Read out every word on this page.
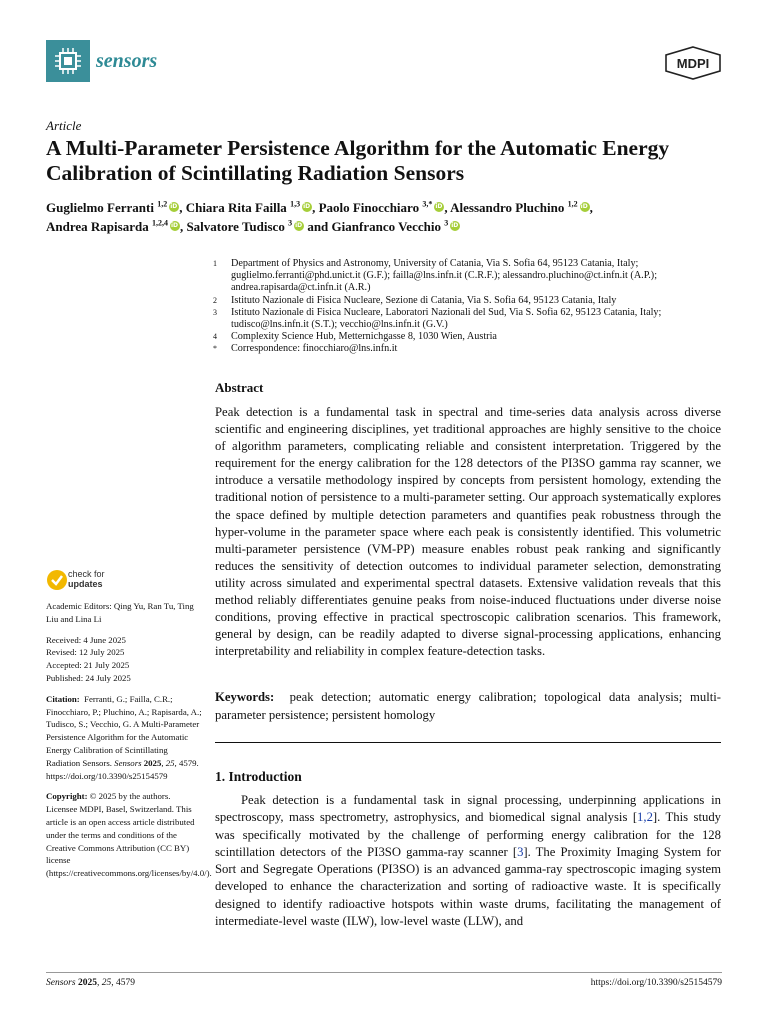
sensors	MDPI
Article
A Multi-Parameter Persistence Algorithm for the Automatic Energy Calibration of Scintillating Radiation Sensors
Guglielmo Ferranti $^{1,2}$ iD , Chiara Rita Failla $^{1,3}$ iD , Paolo Finocchiaro $^{3,*}$ iD , Alessandro Pluchino $^{1,2}$ iD ,
Andrea Rapisarda $^{1,2,4}$ iD , Salvatore Tudisco $^3$iD and Gianfranco Vecchio $^3$iD
1	Department of Physics and Astronomy, University of Catania, Via S. Sofia 64, 95123 Catania, Italy; guglielmo.ferranti@phd.unict.it (G.F.); failla@lns.infn.it (C.R.F.); alessandro.pluchino@ct.infn.it (A.P.); andrea.rapisarda@ct.infn.it (A.R.)
2	Istituto Nazionale di Fisica Nucleare, Sezione di Catania, Via S. Sofia 64, 95123 Catania, Italy
3	Istituto Nazionale di Fisica Nucleare, Laboratori Nazionali del Sud, Via S. Sofia 62, 95123 Catania, Italy; tudisco@lns.infn.it (S.T.); vecchio@lns.infn.it (G.V.)
4	Complexity Science Hub, Metternichgasse 8, 1030 Wien, Austria
*	Correspondence: finocchiaro@lns.infn.it
Abstract
Peak detection is a fundamental task in spectral and time-series data analysis across diverse scientific and engineering disciplines, yet traditional approaches are highly sensitive to the choice of algorithm parameters, complicating reliable and consistent interpretation. Triggered by the requirement for the energy calibration for the 128 detectors of the PI3SO gamma ray scanner, we introduce a versatile methodology inspired by concepts from persistent homology, extending the traditional notion of persistence to a multi-parameter setting. Our approach systematically explores the space defined by multiple detection parameters and quantifies peak robustness through the hyper-volume in the parameter space where each peak is consistently identified. This volumetric multi-parameter persistence (VM-PP) measure enables robust peak ranking and significantly reduces the sensitivity of detection outcomes to individual parameter selection, demonstrating utility across simulated and experimental spectral datasets. Extensive validation reveals that this method reliably differentiates genuine peaks from noise-induced fluctuations under diverse noise conditions, proving effective in practical spectroscopic calibration scenarios. This framework, general by design, can be readily adapted to diverse signal-processing applications, enhancing interpretability and reliability in complex feature-detection tasks.
Keywords: peak detection; automatic energy calibration; topological data analysis; multi-parameter persistence; persistent homology
1. Introduction

Peak detection is a fundamental task in signal processing, underpinning applications in spectroscopy, mass spectrometry, astrophysics, and biomedical signal analysis [1,2]. This study was specifically motivated by the challenge of performing energy calibration for the 128 scintillation detectors of the PI3SO gamma-ray scanner [3]. The Proximity Imaging System for Sort and Segregate Operations (PI3SO) is an advanced gamma-ray spectroscopic imaging system developed to enhance the characterization and sorting of radioactive waste. It is specifically designed to identify radioactive hotspots within waste drums, facilitating the management of intermediate-level waste (ILW), low-level waste (LLW), and

check for
updates
Academic Editors: Qing Yu, Ran Tu, Ting Liu and Lina Li
Received: 4 June 2025
Revised: 12 July 2025
Accepted: 21 July 2025
Published: 24 July 2025
Citation: Ferranti, G.; Failla, C.R.; Finocchiaro, P.; Pluchino, A.; Rapisarda, A.; Tudisco, S.; Vecchio, G. A Multi-Parameter Persistence Algorithm for the Automatic Energy Calibration of Scintillating Radiation Sensors. Sensors 2025, 25, 4579. https://doi.org/10.3390/s25154579
Copyright: © 2025 by the authors. Licensee MDPI, Basel, Switzerland. This article is an open access article distributed under the terms and conditions of the Creative Commons Attribution (CC BY) license (https://creativecommons.org/licenses/by/4.0/).
Sensors 2025, 25, 4579	https://doi.org/10.3390/s25154579
